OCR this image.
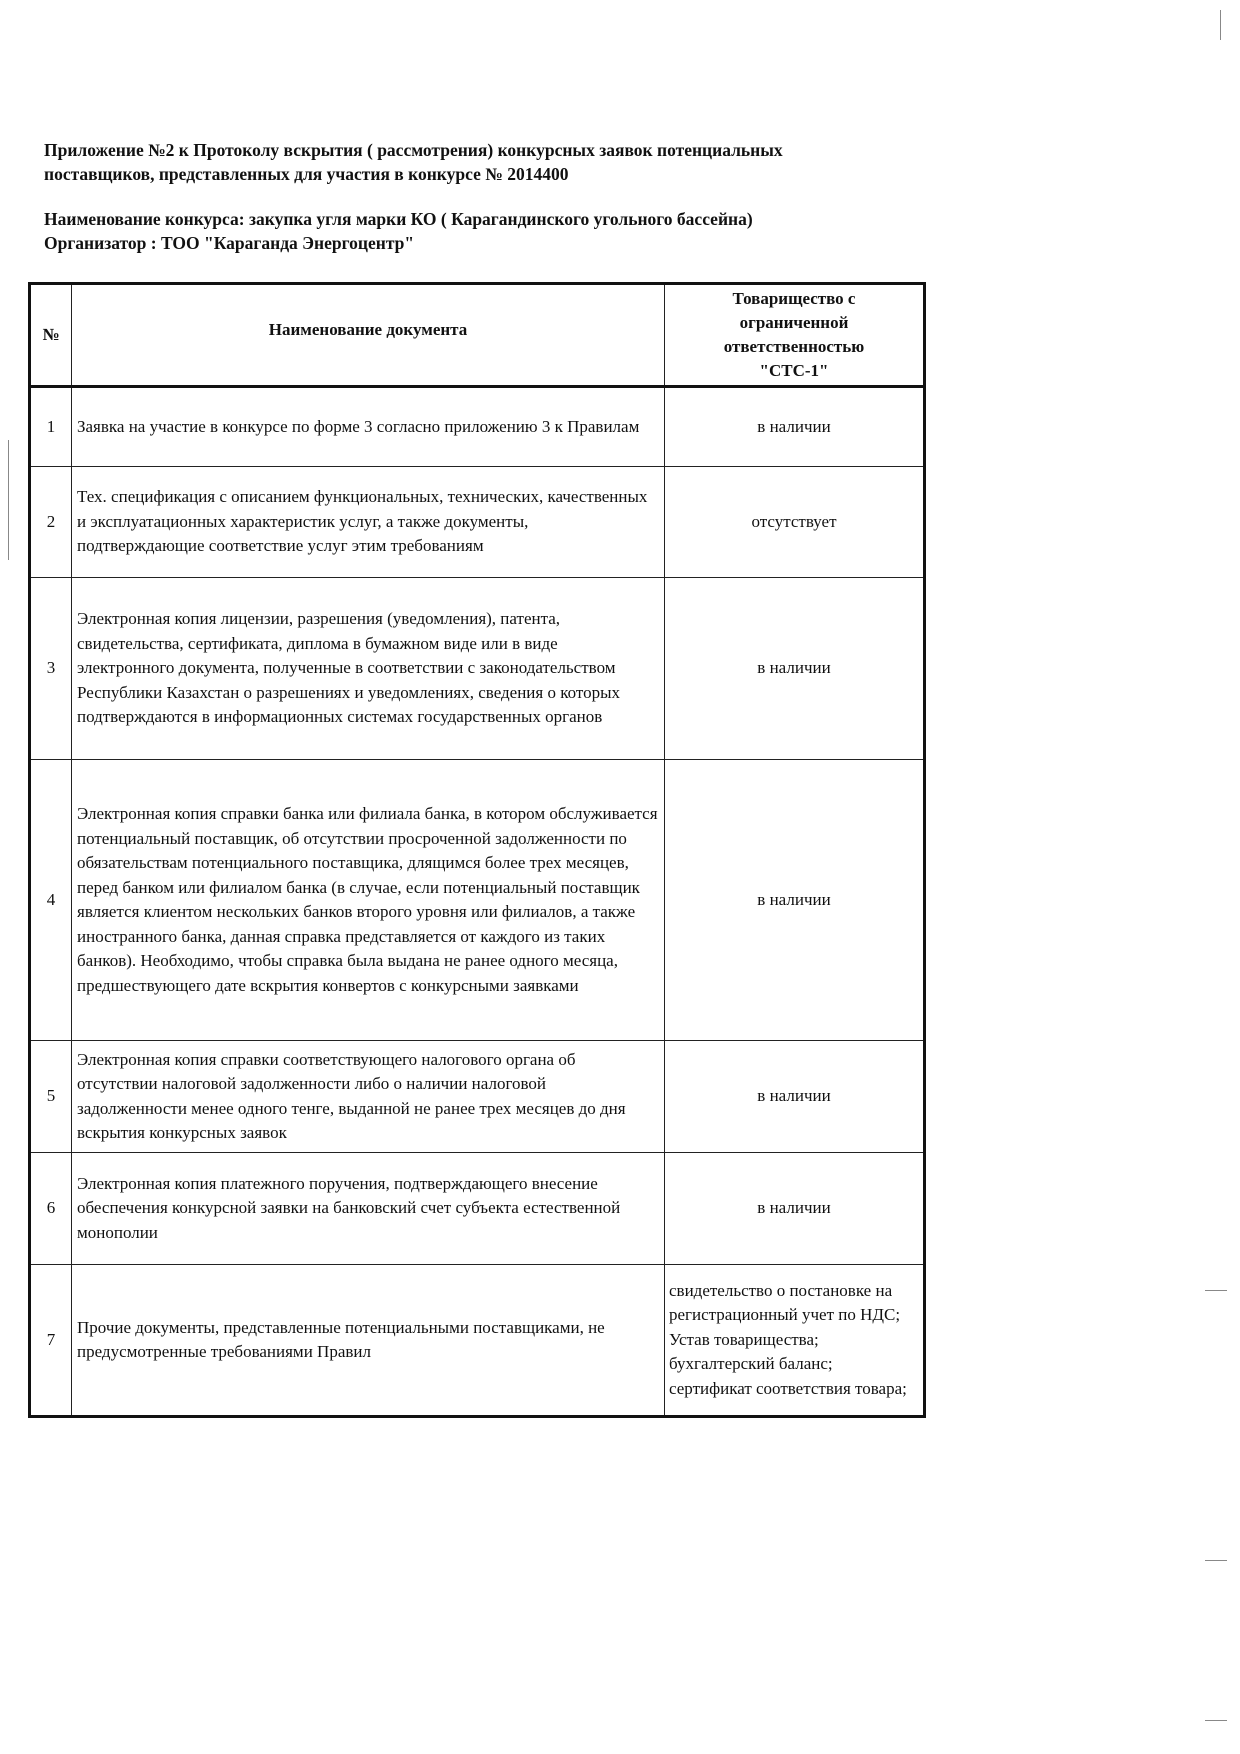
Приложение №2 к Протоколу вскрытия ( рассмотрения) конкурсных заявок потенциальных

поставщиков, представленных для участия в конкурсе № 2014400

Наименование конкурса: закупка угля марки КО ( Карагандинского угольного бассейна)

Организатор : ТОО "Караганда Энергоцентр"

№	Наименование документа	Товарищество с
ограниченной
ответственностью
"СТС-1"

1	Заявка на участие в конкурсе по форме 3 согласно приложению 3 к Правилам	в наличии
2	Тех. спецификация с описанием функциональных, технических, качественных и эксплуатационных характеристик услуг, а также документы, подтверждающие соответствие услуг этим требованиям	отсутствует
3	Электронная копия лицензии, разрешения (уведомления), патента, свидетельства, сертификата, диплома в бумажном виде или в виде электронного документа, полученные в соответствии с законодательством Республики Казахстан о разрешениях и уведомлениях, сведения о которых подтверждаются в информационных системах государственных органов	в наличии
4	Электронная копия справки банка или филиала банка, в котором обслуживается потенциальный поставщик, об отсутствии просроченной задолженности по обязательствам потенциального поставщика, длящимся более трех месяцев, перед банком или филиалом банка (в случае, если потенциальный поставщик является клиентом нескольких банков второго уровня или филиалов, а также иностранного банка, данная справка представляется от каждого из таких банков). Необходимо, чтобы справка была выдана не ранее одного месяца, предшествующего дате вскрытия конвертов с конкурсными заявками	в наличии
5	Электронная копия справки соответствующего налогового органа об отсутствии налоговой задолженности либо о наличии налоговой задолженности менее одного тенге, выданной не ранее трех месяцев до дня вскрытия конкурсных заявок	в наличии
6	Электронная копия платежного поручения, подтверждающего внесение обеспечения конкурсной заявки на банковский счет субъекта естественной монополии	в наличии
7	Прочие документы, представленные потенциальными поставщиками, не предусмотренные требованиями Правил	свидетельство о постановке на регистрационный учет по НДС; Устав товарищества; бухгалтерский баланс; сертификат соответствия товара;
